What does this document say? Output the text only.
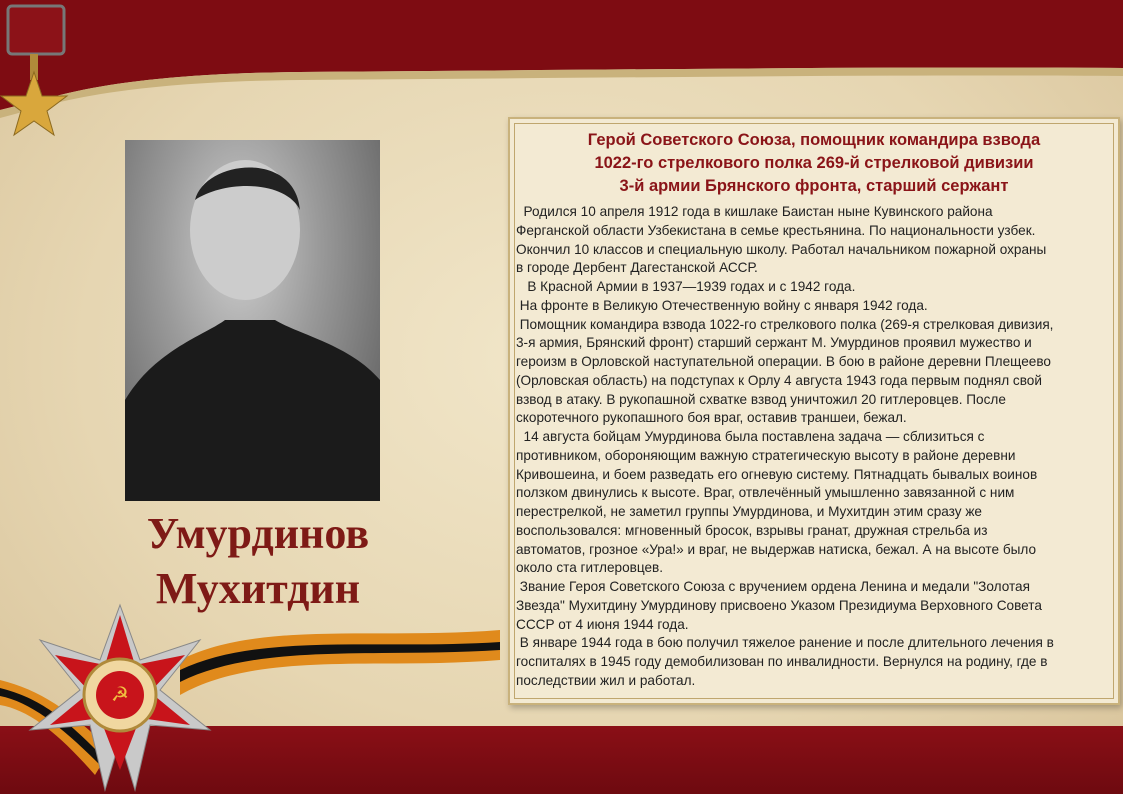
Умурдинов
Мухитдин
☭
Герой Советского Союза, помощник командира взвода
1022-го стрелкового полка 269-й стрелковой дивизии
3-й армии Брянского фронта, старший сержант
Родился 10 апреля 1912 года в кишлаке Баистан ныне Кувинского района
Ферганской области Узбекистана в семье крестьянина. По национальности узбек.
Окончил 10 классов и специальную школу. Работал начальником пожарной охраны
в городе Дербент Дагестанской АССР.
В Красной Армии в 1937—1939 годах и с 1942 года.
На фронте в Великую Отечественную войну с января 1942 года.
Помощник командира взвода 1022-го стрелкового полка (269-я стрелковая дивизия,
3-я армия, Брянский фронт) старший сержант М. Умурдинов проявил мужество и
героизм в Орловской наступательной операции. В бою в районе деревни Плещеево
(Орловская область) на подступах к Орлу 4 августа 1943 года первым поднял свой
взвод в атаку. В рукопашной схватке взвод уничтожил 20 гитлеровцев. После
скоротечного рукопашного боя враг, оставив траншеи, бежал.
14 августа бойцам Умурдинова была поставлена задача — сблизиться с
противником, обороняющим важную стратегическую высоту в районе деревни
Кривошеина, и боем разведать его огневую систему. Пятнадцать бывалых воинов
ползком двинулись к высоте. Враг, отвлечённый умышленно завязанной с ним
перестрелкой, не заметил группы Умурдинова, и Мухитдин этим сразу же
воспользовался: мгновенный бросок, взрывы гранат, дружная стрельба из
автоматов, грозное «Ура!» и враг, не выдержав натиска, бежал. А на высоте было
около ста гитлеровцев.
Звание Героя Советского Союза с вручением ордена Ленина и медали "Золотая
Звезда" Мухитдину Умурдинову присвоено Указом Президиума Верховного Совета
СССР от 4 июня 1944 года.
В январе 1944 года в бою получил тяжелое ранение и после длительного лечения в
госпиталях в 1945 году демобилизован по инвалидности. Вернулся на родину, где в
последствии жил и работал.
